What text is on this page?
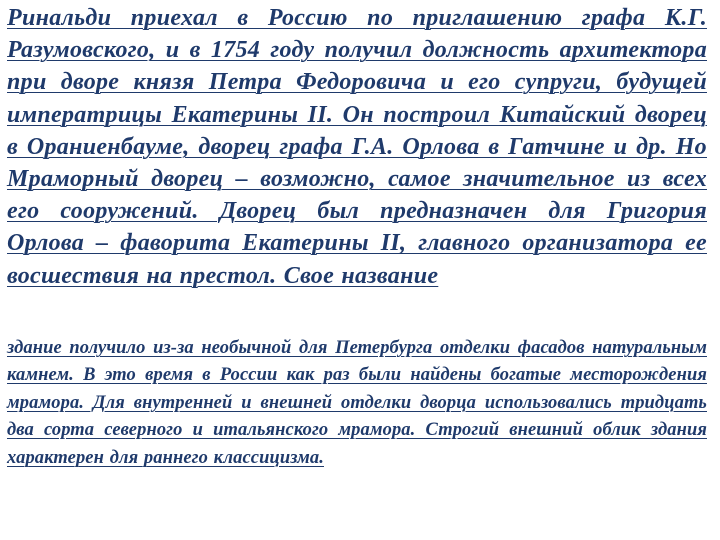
Ринальди приехал в Россию по приглашению графа К.Г. Разумовского, и в 1754 году получил должность архитектора при дворе князя Петра Федоровича и его супруги, будущей императрицы Екатерины II. Он построил Китайский дворец в Ораниенбауме, дворец графа Г.А. Орлова в Гатчине и др. Но Мраморный дворец – возможно, самое значительное из всех его сооружений. Дворец был предназначен для Григория Орлова – фаворита Екатерины II, главного организатора ее восшествия на престол. Свое название

здание получило из-за необычной для Петербурга отделки фасадов натуральным камнем. В это время в России как раз были найдены богатые месторождения мрамора. Для внутренней и внешней отделки дворца использовались тридцать два сорта северного и итальянского мрамора. Строгий внешний облик здания характерен для раннего классицизма.
